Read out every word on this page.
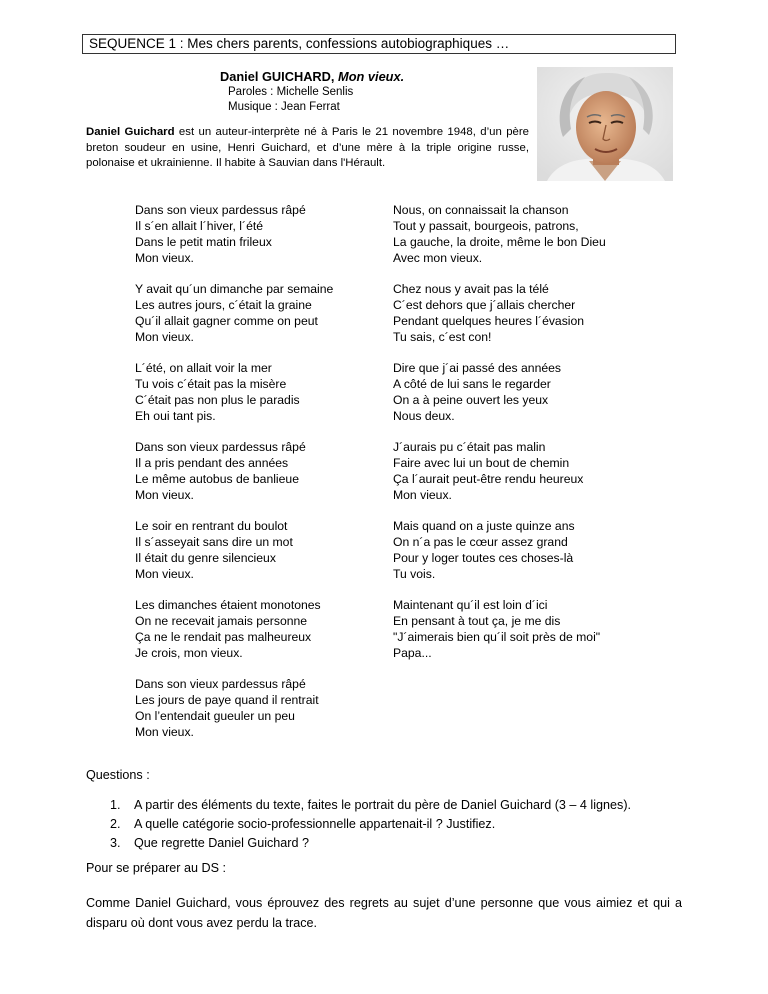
SEQUENCE 1 : Mes chers parents, confessions autobiographiques …
Daniel GUICHARD, Mon vieux.
Paroles : Michelle Senlis
Musique : Jean Ferrat
Daniel Guichard est un auteur-interprète né à Paris le 21 novembre 1948, d’un père breton soudeur en usine, Henri Guichard, et d’une mère à la triple origine russe, polonaise et ukrainienne. Il habite à Sauvian dans l'Hérault.
Dans son vieux pardessus râpé
Il s´en allait l´hiver, l´été
Dans le petit matin frileux
Mon vieux.
Y avait qu´un dimanche par semaine
Les autres jours, c´était la graine
Qu´il allait gagner comme on peut
Mon vieux.
L´été, on allait voir la mer
Tu vois c´était pas la misère
C´était pas non plus le paradis
Eh oui tant pis.
Dans son vieux pardessus râpé
Il a pris pendant des années
Le même autobus de banlieue
Mon vieux.
Le soir en rentrant du boulot
Il s´asseyait sans dire un mot
Il était du genre silencieux
Mon vieux.
Les dimanches étaient monotones
On ne recevait jamais personne
Ça ne le rendait pas malheureux
Je crois, mon vieux.
Dans son vieux pardessus râpé
Les jours de paye quand il rentrait
On l’entendait gueuler un peu
Mon vieux.
Nous, on connaissait la chanson
Tout y passait, bourgeois, patrons,
La gauche, la droite, même le bon Dieu
Avec mon vieux.
Chez nous y avait pas la télé
C´est dehors que j´allais chercher
Pendant quelques heures l´évasion
Tu sais, c´est con!
Dire que j´ai passé des années
A côté de lui sans le regarder
On a à peine ouvert les yeux
Nous deux.
J´aurais pu c´était pas malin
Faire avec lui un bout de chemin
Ça l´aurait peut-être rendu heureux
Mon vieux.
Mais quand on a juste quinze ans
On n´a pas le cœur assez grand
Pour y loger toutes ces choses-là
Tu vois.
Maintenant qu´il est loin d´ici
En pensant à tout ça, je me dis
"J´aimerais bien qu´il soit près de moi"
Papa...
Questions :
1. A partir des éléments du texte, faites le portrait du père de Daniel Guichard (3 – 4 lignes).
2. A quelle catégorie socio-professionnelle appartenait-il ? Justifiez.
3. Que regrette Daniel Guichard ?
Pour se préparer au DS :
Comme Daniel Guichard, vous éprouvez des regrets au sujet d’une personne que vous aimiez et qui a disparu où dont vous avez perdu la trace.
